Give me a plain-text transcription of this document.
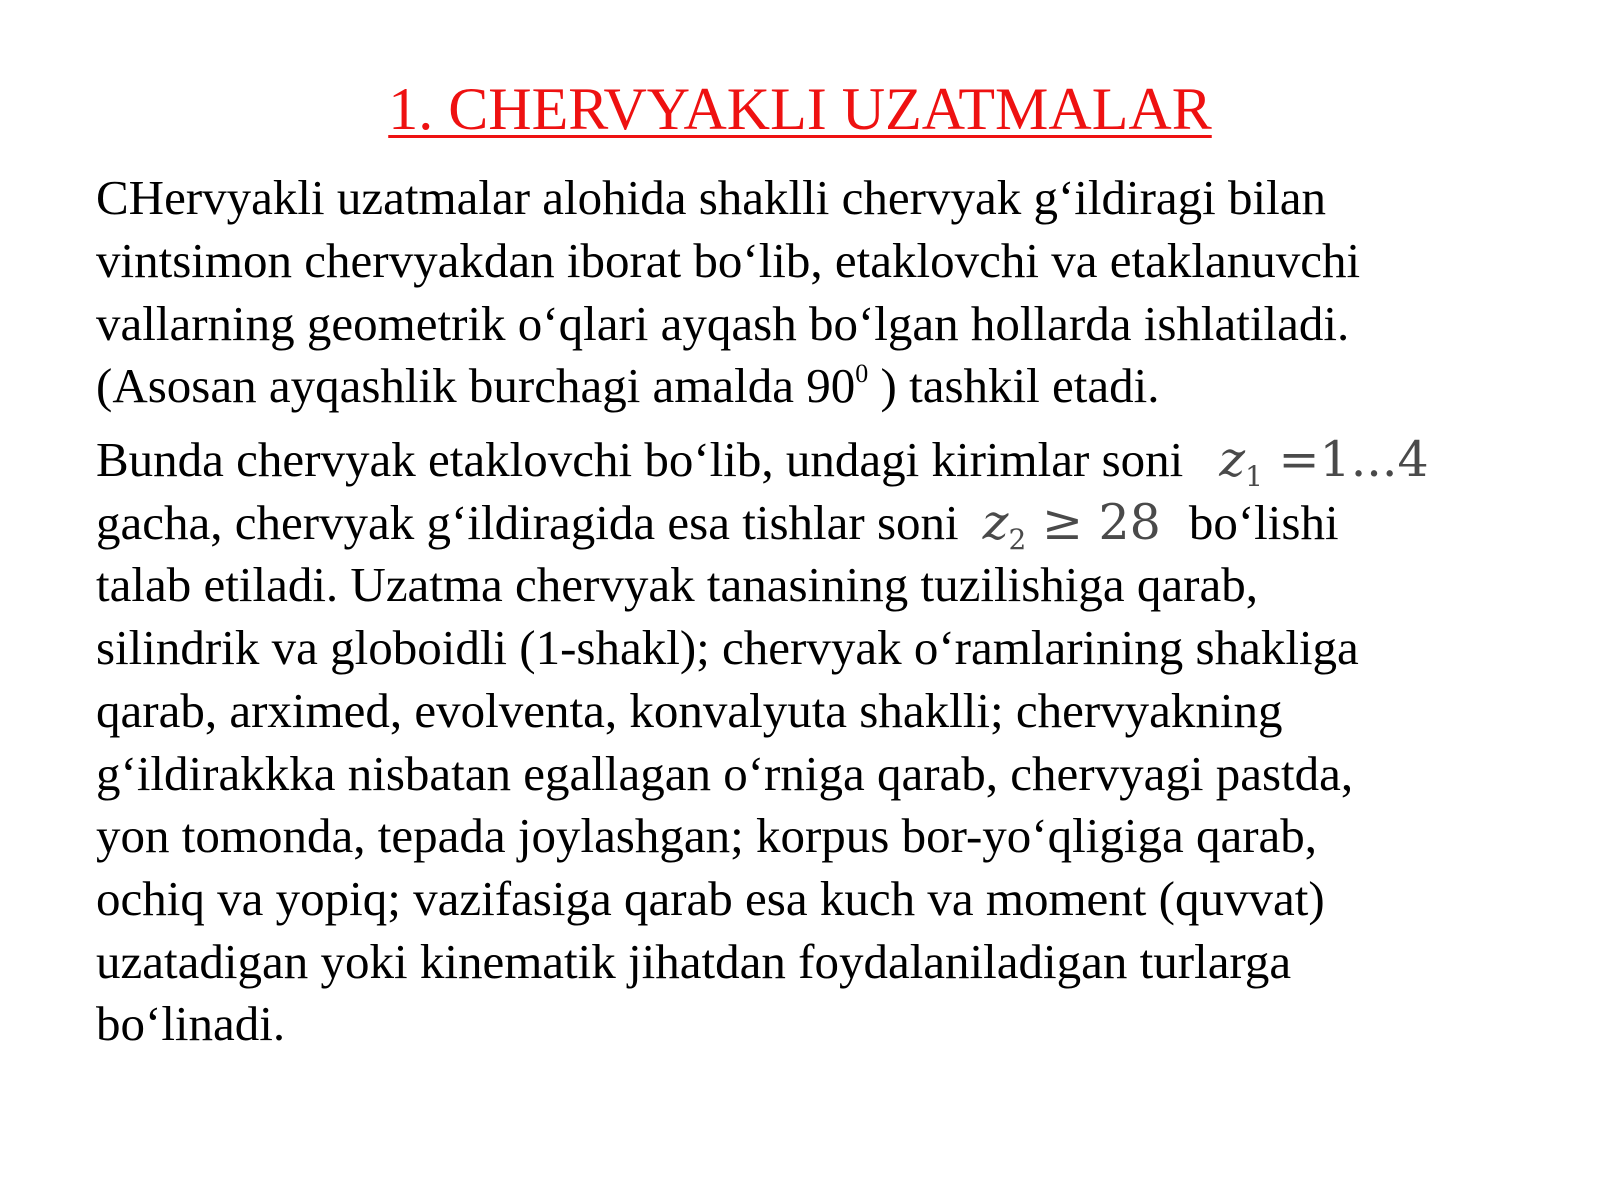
1. CHERVYAKLI UZATMALAR
CHervyakli uzatmalar alohida shaklli chervyak g‘ildiragi bilan
vintsimon chervyakdan iborat bo‘lib, etaklovchi va etaklanuvchi
vallarning geometrik o‘qlari ayqash bo‘lgan hollarda ishlatiladi.
(Asosan ayqashlik burchagi amalda $90^0$ ) tashkil etadi.
Bunda chervyak etaklovchi bo‘lib, undagi kirimlar soni $z_1 =1...4$
gacha, chervyak g‘ildiragida esa tishlar soni $z_2 \ge 28$ bo‘lishi
talab etiladi. Uzatma chervyak tanasining tuzilishiga qarab,
silindrik va globoidli (1-shakl); chervyak o‘ramlarining shakliga
qarab, arximed, evolventa, konvalyuta shaklli; chervyakning
g‘ildirakkka nisbatan egallagan o‘rniga qarab, chervyagi pastda,
yon tomonda, tepada joylashgan; korpus bor-yo‘qligiga qarab,
ochiq va yopiq; vazifasiga qarab esa kuch va moment (quvvat)
uzatadigan yoki kinematik jihatdan foydalaniladigan turlarga
bo‘linadi.
